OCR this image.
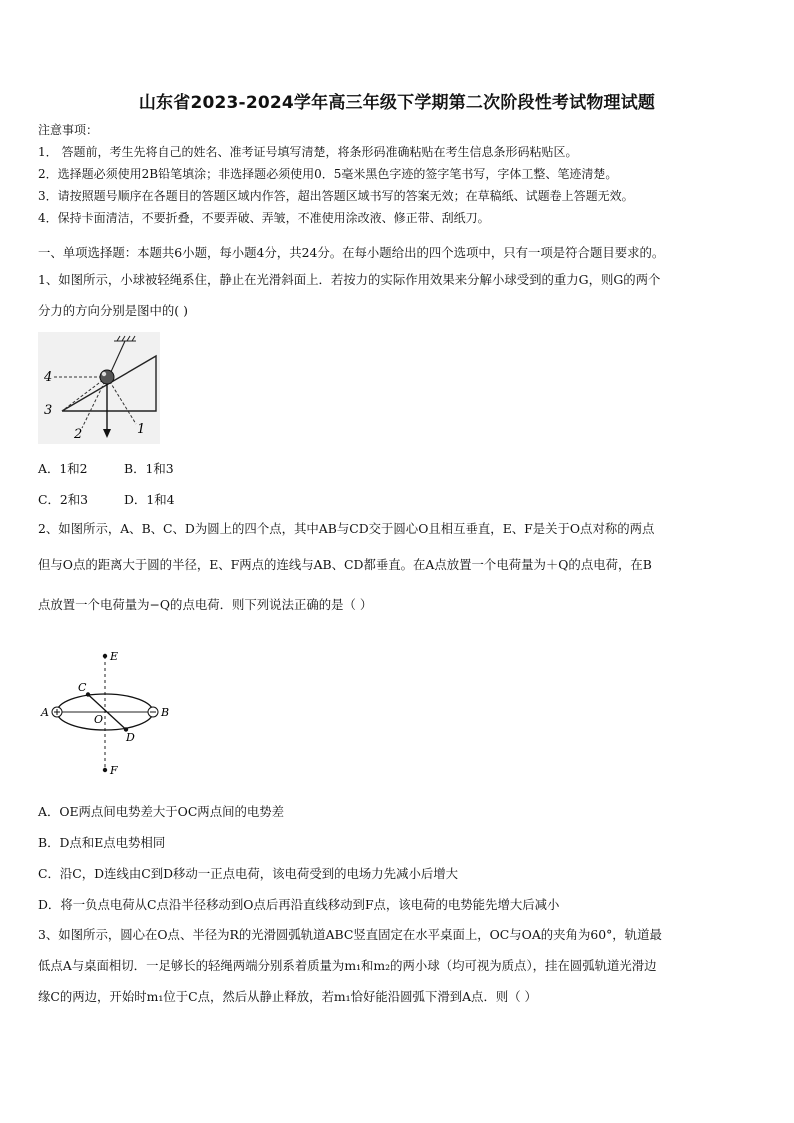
山东省2023-2024学年高三年级下学期第二次阶段性考试物理试题
注意事项：
1． 答题前，考生先将自己的姓名、准考证号填写清楚，将条形码准确粘贴在考生信息条形码粘贴区。
2．选择题必须使用2B铅笔填涂；非选择题必须使用0．5毫米黑色字迹的签字笔书写，字体工整、笔迹清楚。
3．请按照题号顺序在各题目的答题区域内作答，超出答题区域书写的答案无效；在草稿纸、试题卷上答题无效。
4．保持卡面清洁，不要折叠，不要弄破、弄皱，不准使用涂改液、修正带、刮纸刀。
一、单项选择题：本题共6小题，每小题4分，共24分。在每小题给出的四个选项中，只有一项是符合题目要求的。
1、如图所示，小球被轻绳系住，静止在光滑斜面上．若按力的实际作用效果来分解小球受到的重力G，则G的两个
分力的方向分别是图中的( )
4
3
2	1
A．1和2	B．1和3
C．2和3	D．1和4
2、如图所示，A、B、C、D为圆上的四个点，其中AB与CD交于圆心O且相互垂直，E、F是关于O点对称的两点
但与O点的距离大于圆的半径，E、F两点的连线与AB、CD都垂直。在A点放置一个电荷量为＋Q的点电荷，在B
点放置一个电荷量为−Q的点电荷．则下列说法正确的是（ ）
E
F
A	B
C
D
O
A．OE两点间电势差大于OC两点间的电势差
B．D点和E点电势相同
C．沿C，D连线由C到D移动一正点电荷，该电荷受到的电场力先减小后增大
D．将一负点电荷从C点沿半径移动到O点后再沿直线移动到F点，该电荷的电势能先增大后减小
3、如图所示，圆心在O点、半径为R的光滑圆弧轨道ABC竖直固定在水平桌面上，OC与OA的夹角为60°，轨道最
低点A与桌面相切．一足够长的轻绳两端分别系着质量为m₁和m₂的两小球（均可视为质点），挂在圆弧轨道光滑边
缘C的两边，开始时m₁位于C点，然后从静止释放，若m₁恰好能沿圆弧下滑到A点．则（ ）
